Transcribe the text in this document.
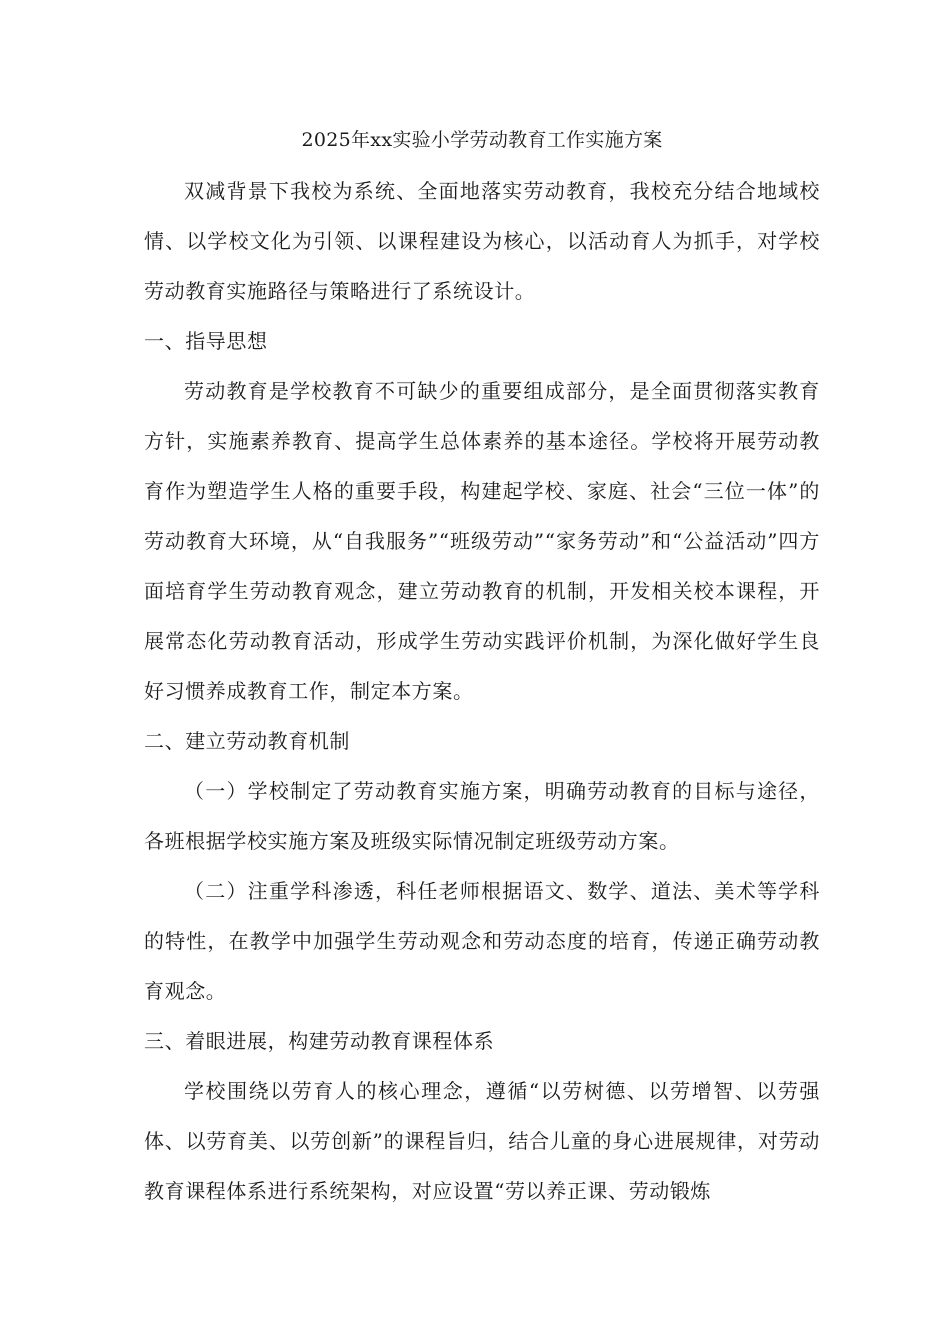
2025年xx实验小学劳动教育工作实施方案

双减背景下我校为系统、全面地落实劳动教育，我校充分结合地域校情、以学校文化为引领、以课程建设为核心，以活动育人为抓手，对学校劳动教育实施路径与策略进行了系统设计。

一、指导思想

劳动教育是学校教育不可缺少的重要组成部分，是全面贯彻落实教育方针，实施素养教育、提高学生总体素养的基本途径。学校将开展劳动教育作为塑造学生人格的重要手段，构建起学校、家庭、社会“三位一体”的劳动教育大环境，从“自我服务”“班级劳动”“家务劳动”和“公益活动”四方面培育学生劳动教育观念，建立劳动教育的机制，开发相关校本课程，开展常态化劳动教育活动，形成学生劳动实践评价机制，为深化做好学生良好习惯养成教育工作，制定本方案。

二、建立劳动教育机制

（一）学校制定了劳动教育实施方案，明确劳动教育的目标与途径，各班根据学校实施方案及班级实际情况制定班级劳动方案。

（二）注重学科渗透，科任老师根据语文、数学、道法、美术等学科的特性，在教学中加强学生劳动观念和劳动态度的培育，传递正确劳动教育观念。

三、着眼进展，构建劳动教育课程体系

学校围绕以劳育人的核心理念，遵循“以劳树德、以劳增智、以劳强体、以劳育美、以劳创新”的课程旨归，结合儿童的身心进展规律，对劳动教育课程体系进行系统架构，对应设置“劳以养正课、劳动锻炼
